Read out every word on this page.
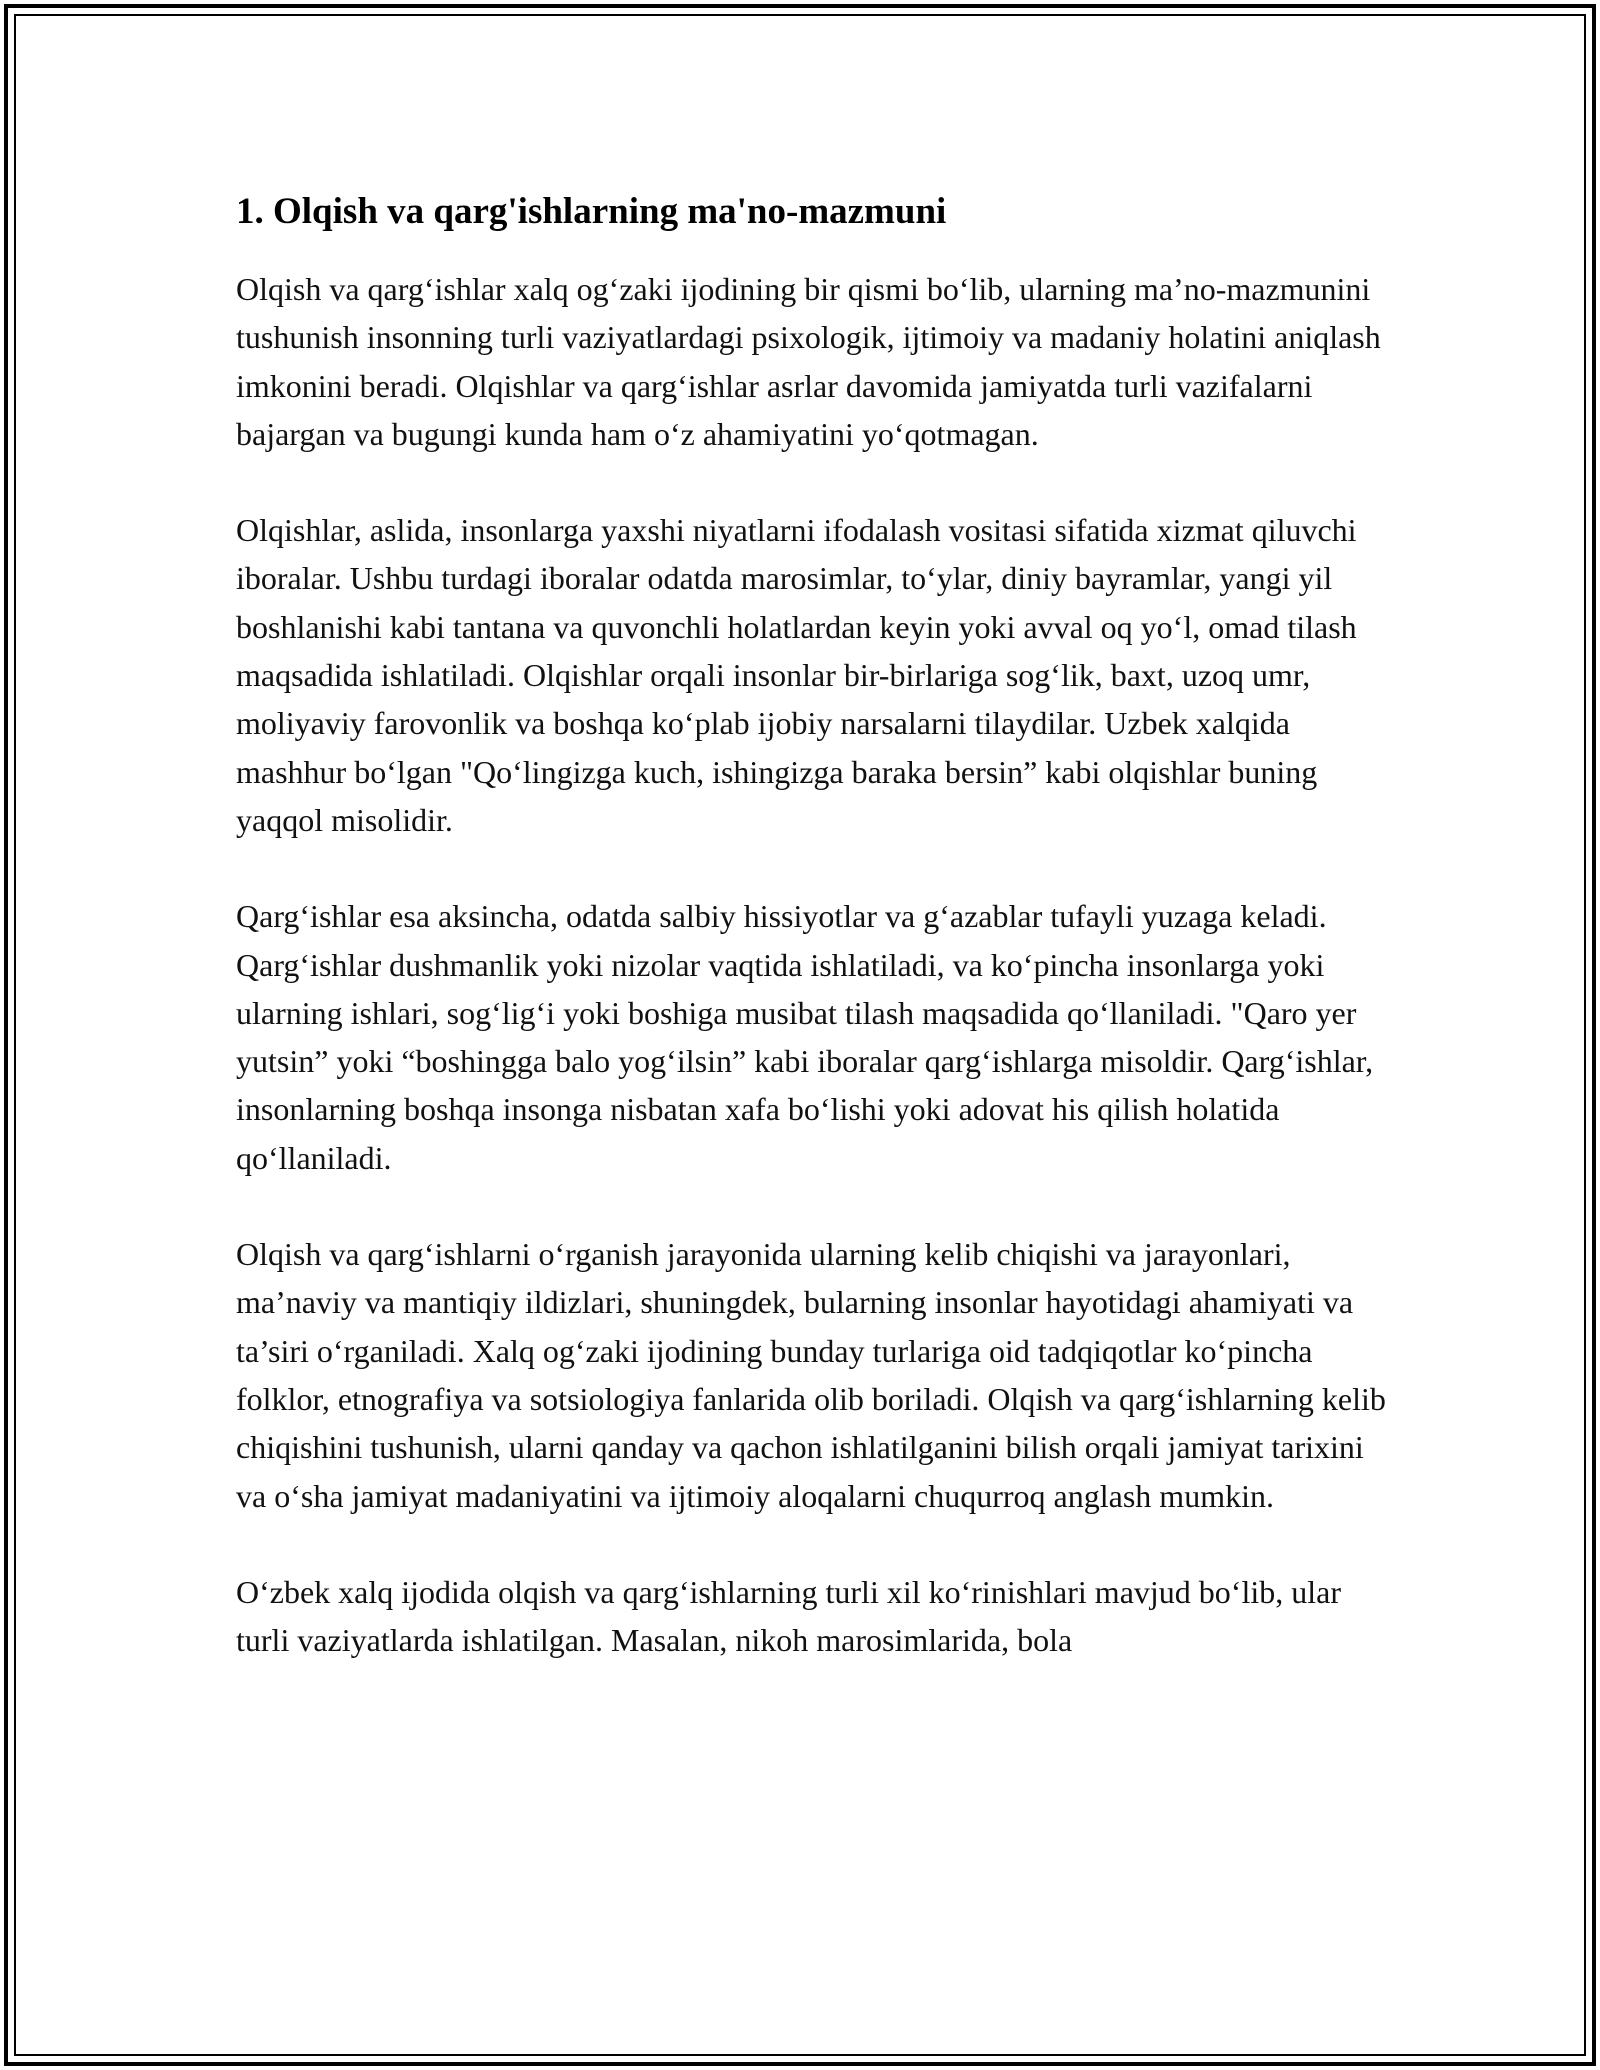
1. Olqish va qarg'ishlarning ma'no-mazmuni

Olqish va qarg‘ishlar xalq og‘zaki ijodining bir qismi bo‘lib, ularning ma’no-mazmunini tushunish insonning turli vaziyatlardagi psixologik, ijtimoiy va madaniy holatini aniqlash imkonini beradi. Olqishlar va qarg‘ishlar asrlar davomida jamiyatda turli vazifalarni bajargan va bugungi kunda ham o‘z ahamiyatini yo‘qotmagan.

Olqishlar, aslida, insonlarga yaxshi niyatlarni ifodalash vositasi sifatida xizmat qiluvchi iboralar. Ushbu turdagi iboralar odatda marosimlar, to‘ylar, diniy bayramlar, yangi yil boshlanishi kabi tantana va quvonchli holatlardan keyin yoki avval oq yo‘l, omad tilash maqsadida ishlatiladi. Olqishlar orqali insonlar bir-birlariga sog‘lik, baxt, uzoq umr, moliyaviy farovonlik va boshqa ko‘plab ijobiy narsalarni tilaydilar. Uzbek xalqida mashhur bo‘lgan "Qo‘lingizga kuch, ishingizga baraka bersin” kabi olqishlar buning yaqqol misolidir.

Qarg‘ishlar esa aksincha, odatda salbiy hissiyotlar va g‘azablar tufayli yuzaga keladi. Qarg‘ishlar dushmanlik yoki nizolar vaqtida ishlatiladi, va ko‘pincha insonlarga yoki ularning ishlari, sog‘lig‘i yoki boshiga musibat tilash maqsadida qo‘llaniladi. "Qaro yer yutsin” yoki “boshingga balo yog‘ilsin” kabi iboralar qarg‘ishlarga misoldir. Qarg‘ishlar, insonlarning boshqa insonga nisbatan xafa bo‘lishi yoki adovat his qilish holatida qo‘llaniladi.

Olqish va qarg‘ishlarni o‘rganish jarayonida ularning kelib chiqishi va jarayonlari, ma’naviy va mantiqiy ildizlari, shuningdek, bularning insonlar hayotidagi ahamiyati va ta’siri o‘rganiladi. Xalq og‘zaki ijodining bunday turlariga oid tadqiqotlar ko‘pincha folklor, etnografiya va sotsiologiya fanlarida olib boriladi. Olqish va qarg‘ishlarning kelib chiqishini tushunish, ularni qanday va qachon ishlatilganini bilish orqali jamiyat tarixini va o‘sha jamiyat madaniyatini va ijtimoiy aloqalarni chuqurroq anglash mumkin.

O‘zbek xalq ijodida olqish va qarg‘ishlarning turli xil ko‘rinishlari mavjud bo‘lib, ular turli vaziyatlarda ishlatilgan. Masalan, nikoh marosimlarida, bola
